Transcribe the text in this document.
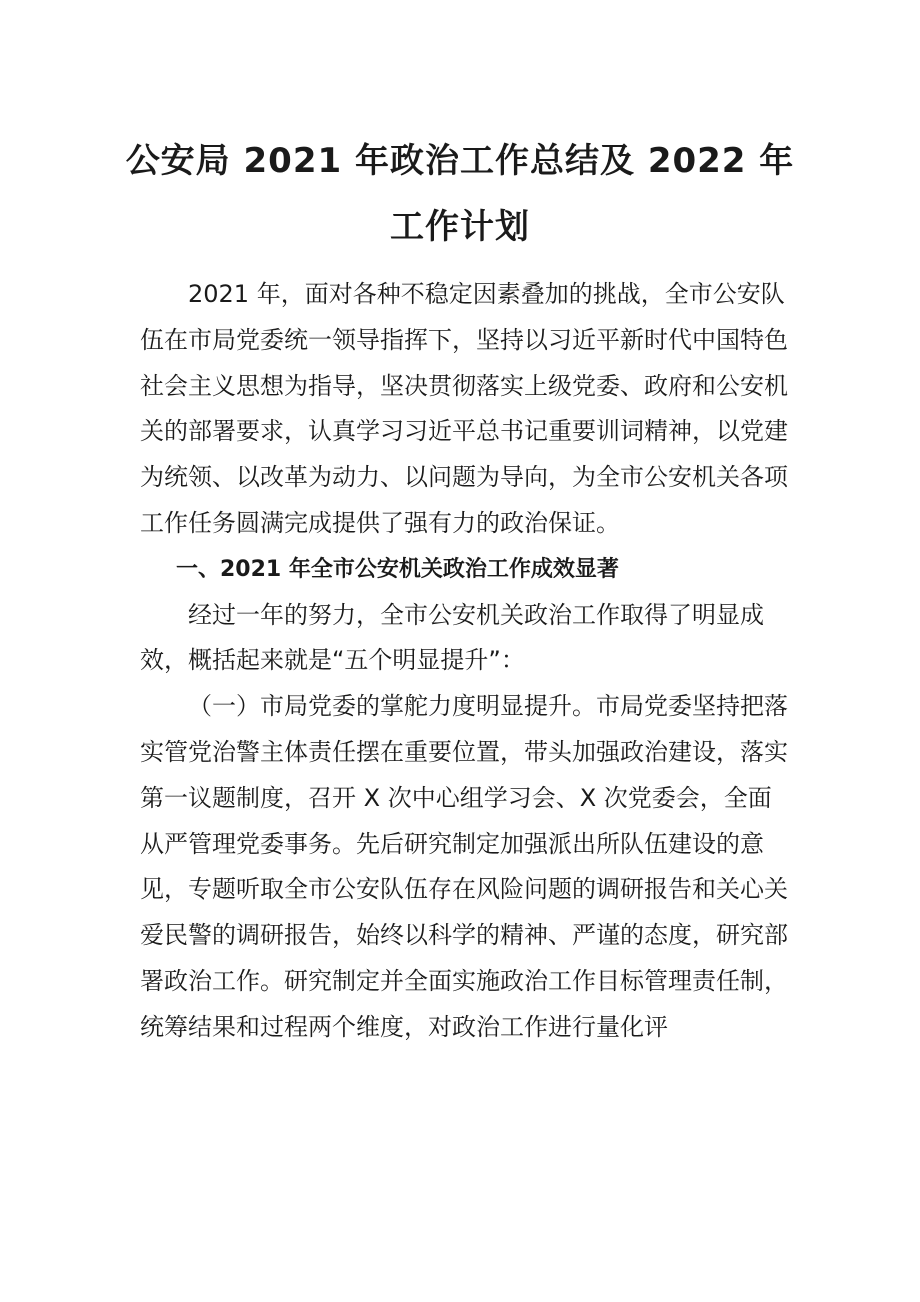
公安局 2021 年政治工作总结及 2022 年工作计划

2021 年，面对各种不稳定因素叠加的挑战，全市公安队伍在市局党委统一领导指挥下，坚持以习近平新时代中国特色社会主义思想为指导，坚决贯彻落实上级党委、政府和公安机关的部署要求，认真学习习近平总书记重要训词精神，以党建为统领、以改革为动力、以问题为导向，为全市公安机关各项工作任务圆满完成提供了强有力的政治保证。

一、2021 年全市公安机关政治工作成效显著

经过一年的努力，全市公安机关政治工作取得了明显成效，概括起来就是“五个明显提升”：

（一）市局党委的掌舵力度明显提升。市局党委坚持把落实管党治警主体责任摆在重要位置，带头加强政治建设，落实第一议题制度，召开 X 次中心组学习会、X 次党委会，全面从严管理党委事务。先后研究制定加强派出所队伍建设的意见，专题听取全市公安队伍存在风险问题的调研报告和关心关爱民警的调研报告，始终以科学的精神、严谨的态度，研究部署政治工作。研究制定并全面实施政治工作目标管理责任制，统筹结果和过程两个维度，对政治工作进行量化评
